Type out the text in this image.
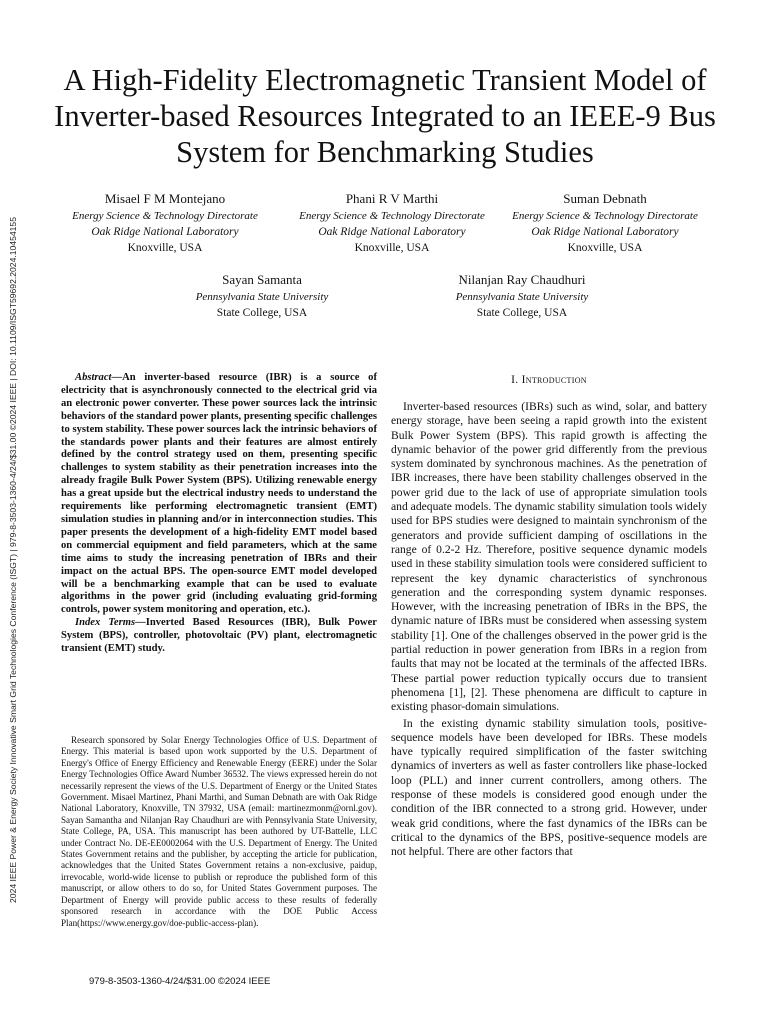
2024 IEEE Power & Energy Society Innovative Smart Grid Technologies Conference (ISGT) | 979-8-3503-1360-4/24/$31.00 ©2024 IEEE | DOI: 10.1109/ISGT59692.2024.10454155
A High-Fidelity Electromagnetic Transient Model of Inverter-based Resources Integrated to an IEEE-9 Bus System for Benchmarking Studies
Misael F M Montejano
Energy Science & Technology Directorate
Oak Ridge National Laboratory
Knoxville, USA
Phani R V Marthi
Energy Science & Technology Directorate
Oak Ridge National Laboratory
Knoxville, USA
Suman Debnath
Energy Science & Technology Directorate
Oak Ridge National Laboratory
Knoxville, USA
Sayan Samanta
Pennsylvania State University
State College, USA
Nilanjan Ray Chaudhuri
Pennsylvania State University
State College, USA

Abstract—An inverter-based resource (IBR) is a source of electricity that is asynchronously connected to the electrical grid via an electronic power converter. These power sources lack the intrinsic behaviors of the standard power plants, presenting specific challenges to system stability. These power sources lack the intrinsic behaviors of the standards power plants and their features are almost entirely defined by the control strategy used on them, presenting specific challenges to system stability as their penetration increases into the already fragile Bulk Power System (BPS). Utilizing renewable energy has a great upside but the electrical industry needs to understand the requirements like performing electromagnetic transient (EMT) simulation studies in planning and/or in interconnection studies. This paper presents the development of a high-fidelity EMT model based on commercial equipment and field parameters, which at the same time aims to study the increasing penetration of IBRs and their impact on the actual BPS. The open-source EMT model developed will be a benchmarking example that can be used to evaluate algorithms in the power grid (including evaluating grid-forming controls, power system monitoring and operation, etc.).

Index Terms—Inverted Based Resources (IBR), Bulk Power System (BPS), controller, photovoltaic (PV) plant, electromagnetic transient (EMT) study.

Research sponsored by Solar Energy Technologies Office of U.S. Department of Energy. This material is based upon work supported by the U.S. Department of Energy's Office of Energy Efficiency and Renewable Energy (EERE) under the Solar Energy Technologies Office Award Number 36532. The views expressed herein do not necessarily represent the views of the U.S. Department of Energy or the United States Government. Misael Martinez, Phani Marthi, and Suman Debnath are with Oak Ridge National Laboratory, Knoxville, TN 37932, USA (email: martinezmonm@ornl.gov). Sayan Samantha and Nilanjan Ray Chaudhuri are with Pennsylvania State University, State College, PA, USA. This manuscript has been authored by UT-Battelle, LLC under Contract No. DE-EE0002064 with the U.S. Department of Energy. The United States Government retains and the publisher, by accepting the article for publication, acknowledges that the United States Government retains a non-exclusive, paidup, irrevocable, world-wide license to publish or reproduce the published form of this manuscript, or allow others to do so, for United States Government purposes. The Department of Energy will provide public access to these results of federally sponsored research in accordance with the DOE Public Access Plan(https://www.energy.gov/doe-public-access-plan).

979-8-3503-1360-4/24/$31.00 ©2024 IEEE
I. Introduction

Inverter-based resources (IBRs) such as wind, solar, and battery energy storage, have been seeing a rapid growth into the existent Bulk Power System (BPS). This rapid growth is affecting the dynamic behavior of the power grid differently from the previous system dominated by synchronous machines. As the penetration of IBR increases, there have been stability challenges observed in the power grid due to the lack of use of appropriate simulation tools and adequate models. The dynamic stability simulation tools widely used for BPS studies were designed to maintain synchronism of the generators and provide sufficient damping of oscillations in the range of 0.2-2 Hz. Therefore, positive sequence dynamic models used in these stability simulation tools were considered sufficient to represent the key dynamic characteristics of synchronous generation and the corresponding system dynamic responses. However, with the increasing penetration of IBRs in the BPS, the dynamic nature of IBRs must be considered when assessing system stability [1]. One of the challenges observed in the power grid is the partial reduction in power generation from IBRs in a region from faults that may not be located at the terminals of the affected IBRs. These partial power reduction typically occurs due to transient phenomena [1], [2]. These phenomena are difficult to capture in existing phasor-domain simulations.

In the existing dynamic stability simulation tools, positive-sequence models have been developed for IBRs. These models have typically required simplification of the faster switching dynamics of inverters as well as faster controllers like phase-locked loop (PLL) and inner current controllers, among others. The response of these models is considered good enough under the condition of the IBR connected to a strong grid. However, under weak grid conditions, where the fast dynamics of the IBRs can be critical to the dynamics of the BPS, positive-sequence models are not helpful. There are other factors that
